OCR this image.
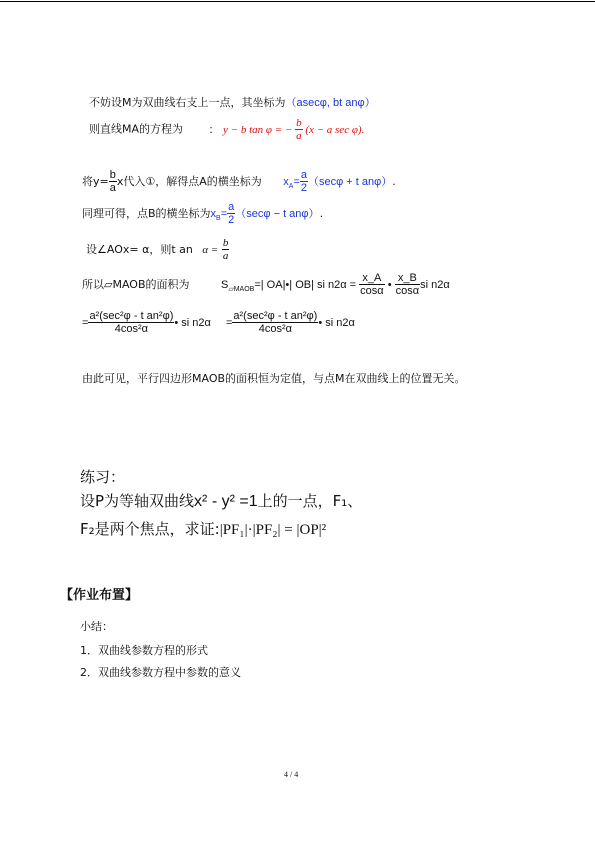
不妨设M为双曲线右支上一点，其坐标为（asecφ, bt anφ）
则直线MA的方程为 ： y − b tan φ = − $\frac{b}{a} (x - a$ sec φ).
将$y= \frac{b}{a}$ x代入①，解得点A的横坐标为 $x_A= \frac{a}{2} (\sec\varphi + t$ anφ）.
同理可得，点B的横坐标为$x_B= \frac{a}{2} (\sec\varphi - t$ anφ）.
设∠AOx= α，则t an $\alpha = \frac{b}{a}$
所以▱MAOB的面积为	$S_{▱MAOB}=|$ OA|•| OB| si $n2\alpha = \frac{x\_A}{\cos\alpha}$ • $\frac{x\_B}{\cos\alpha}$ si n2α
= $\frac{\text{a²(sec²φ - t an²φ)}}{\text{4cos²α}}$ • si $n2\alpha = \frac{\text{a²(sec²φ - t an²φ)}}{\text{4cos²α}}$ • si n2α
由此可见，平行四边形MAOB的面积恒为定值，与点M在双曲线上的位置无关。
练习：
设P为等轴双曲线x² - y² =1上的一点，F₁、
F₂是两个焦点，求证:|PF₁|·|PF₂| = |OP|²
【作业布置】
小结：
1．双曲线参数方程的形式
2．双曲线参数方程中参数的意义
4 / 4
